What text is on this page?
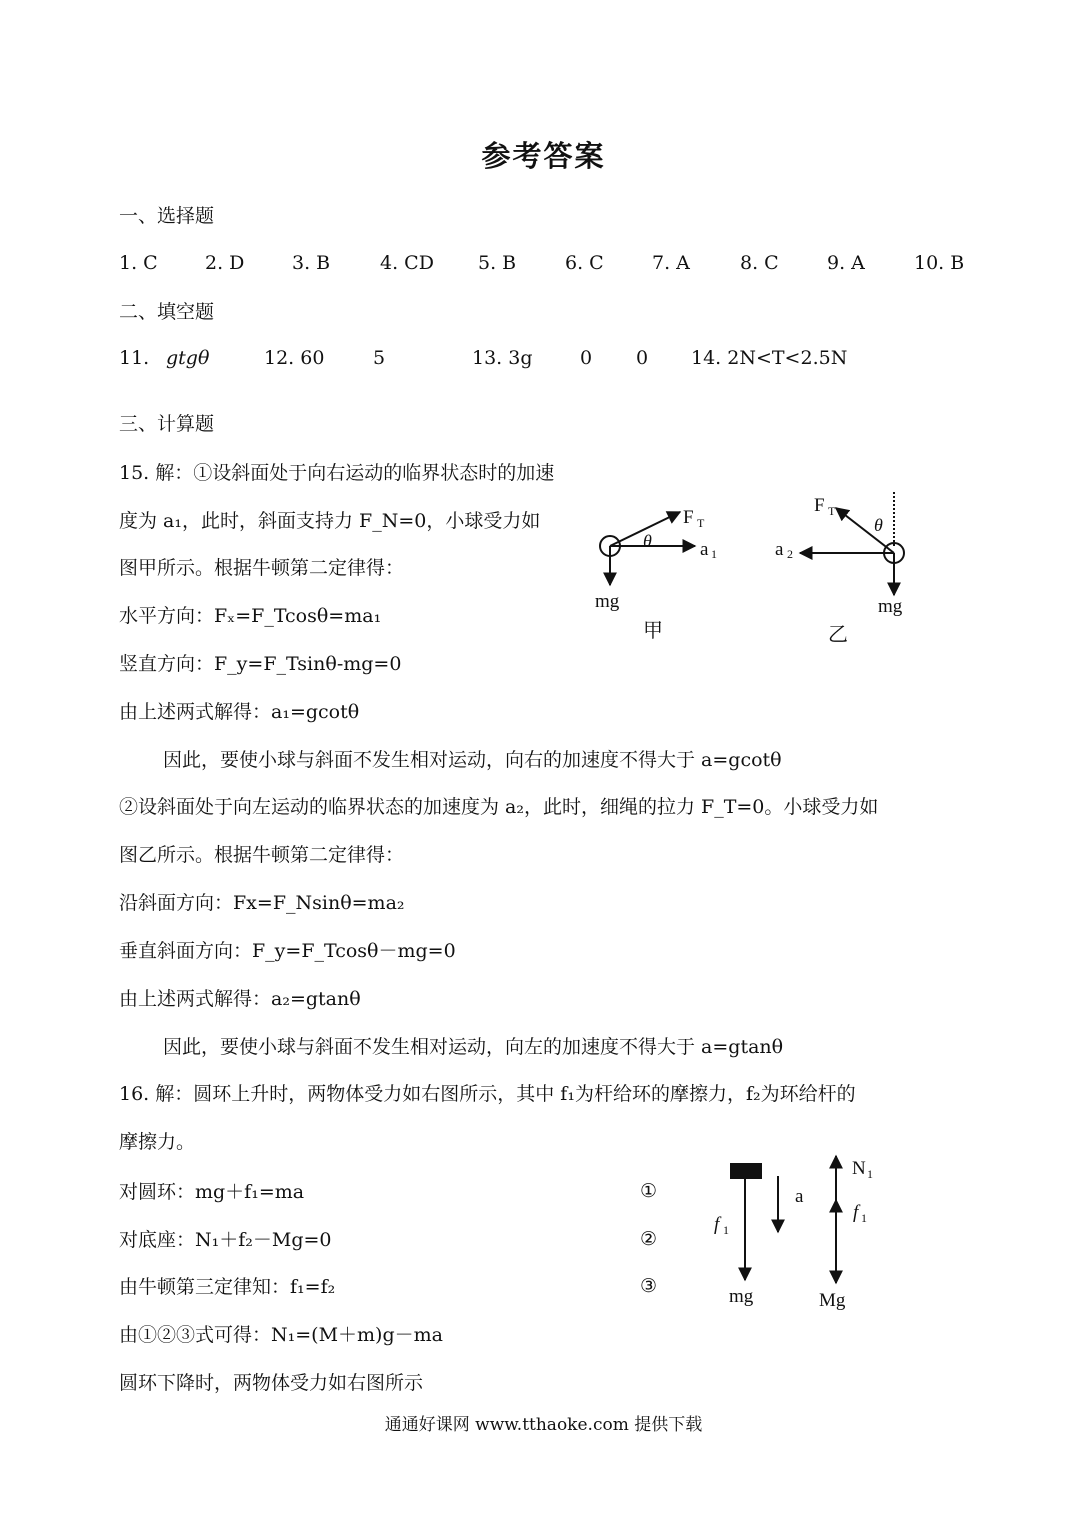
参考答案
一、选择题
1. C 2. D	3. B	4. CD 5. B	6. C	7. A	8. C	9. A	10. B
二、填空题
11. gtgθ	12. 60	5	13. 3g 0 0 14. 2N<T<2.5N
三、计算题
15. 解：①设斜面处于向右运动的临界状态时的加速
度为 a₁，此时，斜面支持力 F_N=0，小球受力如
图甲所示。根据牛顿第二定律得：
水平方向：Fₓ=F_Tcosθ=ma₁
竖直方向：F_y=F_Tsinθ-mg=0
由上述两式解得：a₁=gcotθ
因此，要使小球与斜面不发生相对运动，向右的加速度不得大于 a=gcotθ
②设斜面处于向左运动的临界状态的加速度为 a₂，此时，细绳的拉力 F_T=0。小球受力如
图乙所示。根据牛顿第二定律得：
沿斜面方向：Fx=F_Nsinθ=ma₂
垂直斜面方向：F_y=F_Tcosθ－mg=0
由上述两式解得：a₂=gtanθ
因此，要使小球与斜面不发生相对运动，向左的加速度不得大于 a=gtanθ
16. 解：圆环上升时，两物体受力如右图所示，其中 f₁为杆给环的摩擦力，f₂为环给杆的
摩擦力。
对圆环：mg＋f₁=ma
对底座：N₁＋f₂－Mg=0
由牛顿第三定律知：f₁=f₂
由①②③式可得：N₁=(M＋m)g－ma
圆环下降时，两物体受力如右图所示
①
②
③
F T
θ	a 1
mg
甲
F T
θ
a 2
mg
乙
a
f 1
mg
N 1
f 1
Mg
通通好课网 www.tthaoke.com 提供下载
